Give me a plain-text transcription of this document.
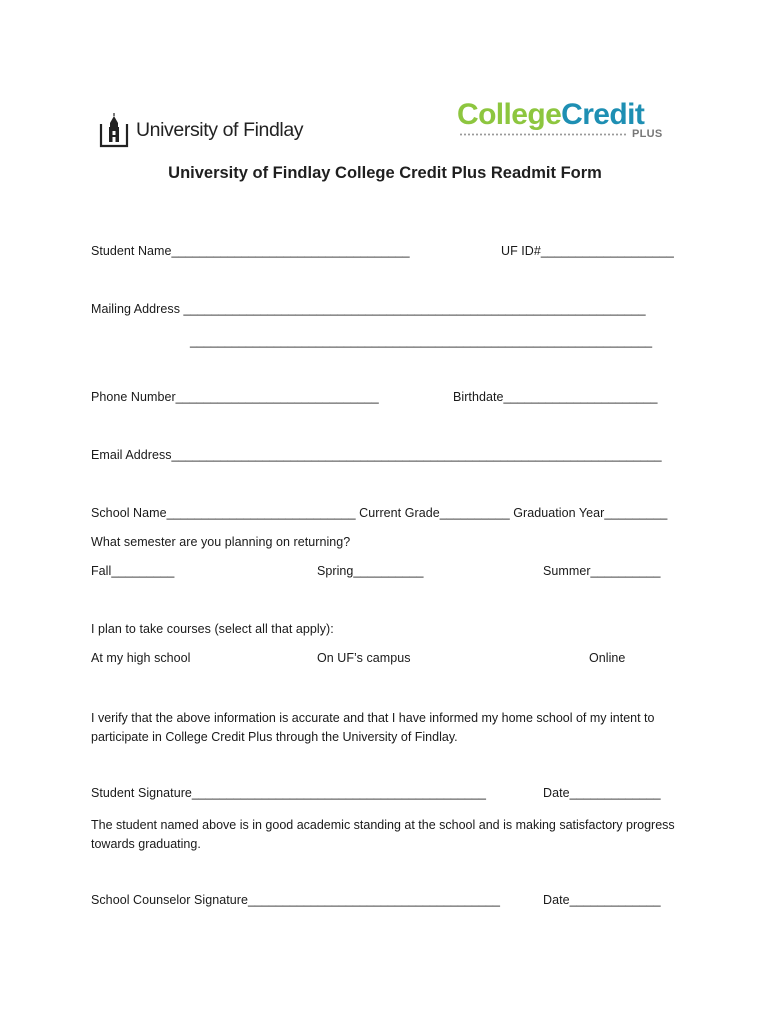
University of Findlay	CollegeCredit
PLUS
University of Findlay College Credit Plus Readmit Form
Student Name__________________________________	UF ID#___________________
Mailing Address __________________________________________________________________
__________________________________________________________________
Phone Number_____________________________	Birthdate______________________
Email Address______________________________________________________________________
School Name___________________________ Current Grade__________ Graduation Year_________
What semester are you planning on returning?
Fall_________	Spring__________	Summer__________
I plan to take courses (select all that apply):
At my high school	On UF’s campus	Online
I verify that the above information is accurate and that I have informed my home school of my intent to participate in College Credit Plus through the University of Findlay.
Student Signature__________________________________________	Date_____________
The student named above is in good academic standing at the school and is making satisfactory progress towards graduating.
School Counselor Signature____________________________________	Date_____________
